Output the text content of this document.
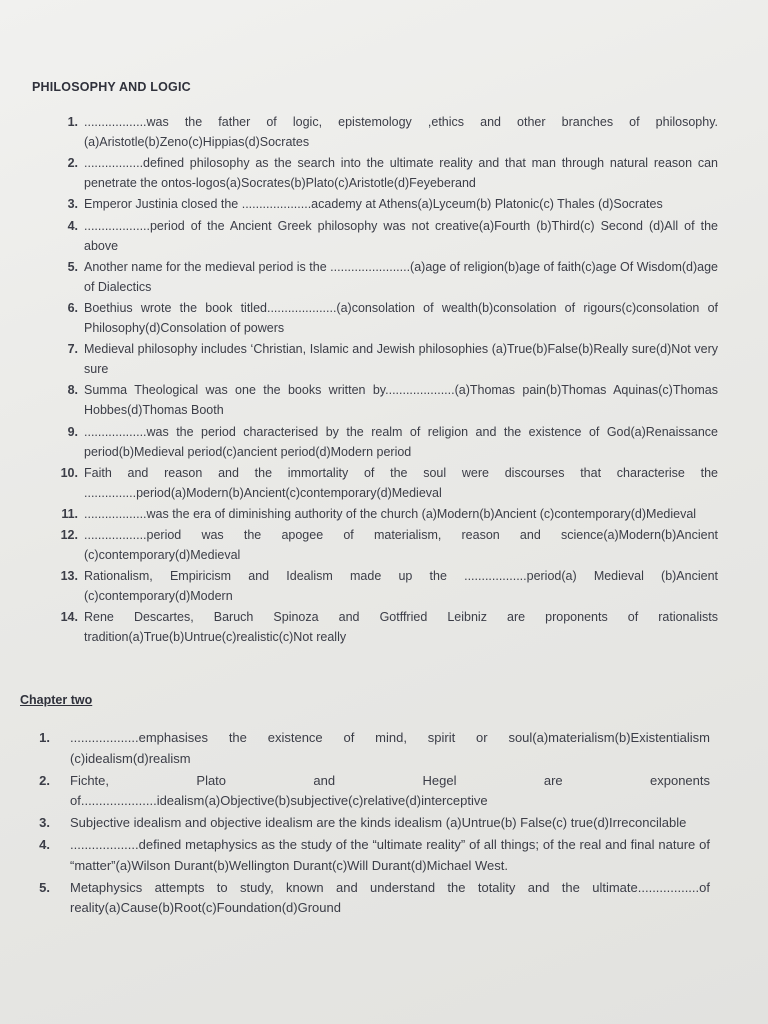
PHILOSOPHY AND LOGIC
1. ..................was the father of logic, epistemology ,ethics and other branches of philosophy.(a)Aristotle(b)Zeno(c)Hippias(d)Socrates
2. .................defined philosophy as the search into the ultimate reality and that man through natural reason can penetrate the ontos-logos(a)Socrates(b)Plato(c)Aristotle(d)Feyeberand
3. Emperor Justinia closed the ....................academy at Athens(a)Lyceum(b) Platonic(c) Thales (d)Socrates
4. ...................period of the Ancient Greek philosophy was not creative(a)Fourth (b)Third(c) Second (d)All of the above
5. Another name for the medieval period is the .......................(a)age of religion(b)age of faith(c)age Of Wisdom(d)age of Dialectics
6. Boethius wrote the book titled....................(a)consolation of wealth(b)consolation of rigours(c)consolation of Philosophy(d)Consolation of powers
7. Medieval philosophy includes ‘Christian, Islamic and Jewish philosophies (a)True(b)False(b)Really sure(d)Not very sure
8. Summa Theological was one the books written by....................(a)Thomas pain(b)Thomas Aquinas(c)Thomas Hobbes(d)Thomas Booth
9. ..................was the period characterised by the realm of religion and the existence of God(a)Renaissance period(b)Medieval period(c)ancient period(d)Modern period
10. Faith and reason and the immortality of the soul were discourses that characterise the ...............period(a)Modern(b)Ancient(c)contemporary(d)Medieval
11. ..................was the era of diminishing authority of the church (a)Modern(b)Ancient (c)contemporary(d)Medieval
12. ..................period was the apogee of materialism, reason and science(a)Modern(b)Ancient (c)contemporary(d)Medieval
13. Rationalism, Empiricism and Idealism made up the ..................period(a) Medieval (b)Ancient (c)contemporary(d)Modern
14. Rene Descartes, Baruch Spinoza and Gotffried Leibniz are proponents of rationalists tradition(a)True(b)Untrue(c)realistic(c)Not really
Chapter two
1. ...................emphasises the existence of mind, spirit or soul(a)materialism(b)Existentialism (c)idealism(d)realism
2. Fichte, Plato and Hegel are exponents of.....................idealism(a)Objective(b)subjective(c)relative(d)interceptive
3. Subjective idealism and objective idealism are the kinds idealism (a)Untrue(b) False(c) true(d)Irreconcilable
4. ...................defined metaphysics as the study of the “ultimate reality” of all things; of the real and final nature of “matter”(a)Wilson Durant(b)Wellington Durant(c)Will Durant(d)Michael West.
5. Metaphysics attempts to study, known and understand the totality and the ultimate.................of reality(a)Cause(b)Root(c)Foundation(d)Ground
